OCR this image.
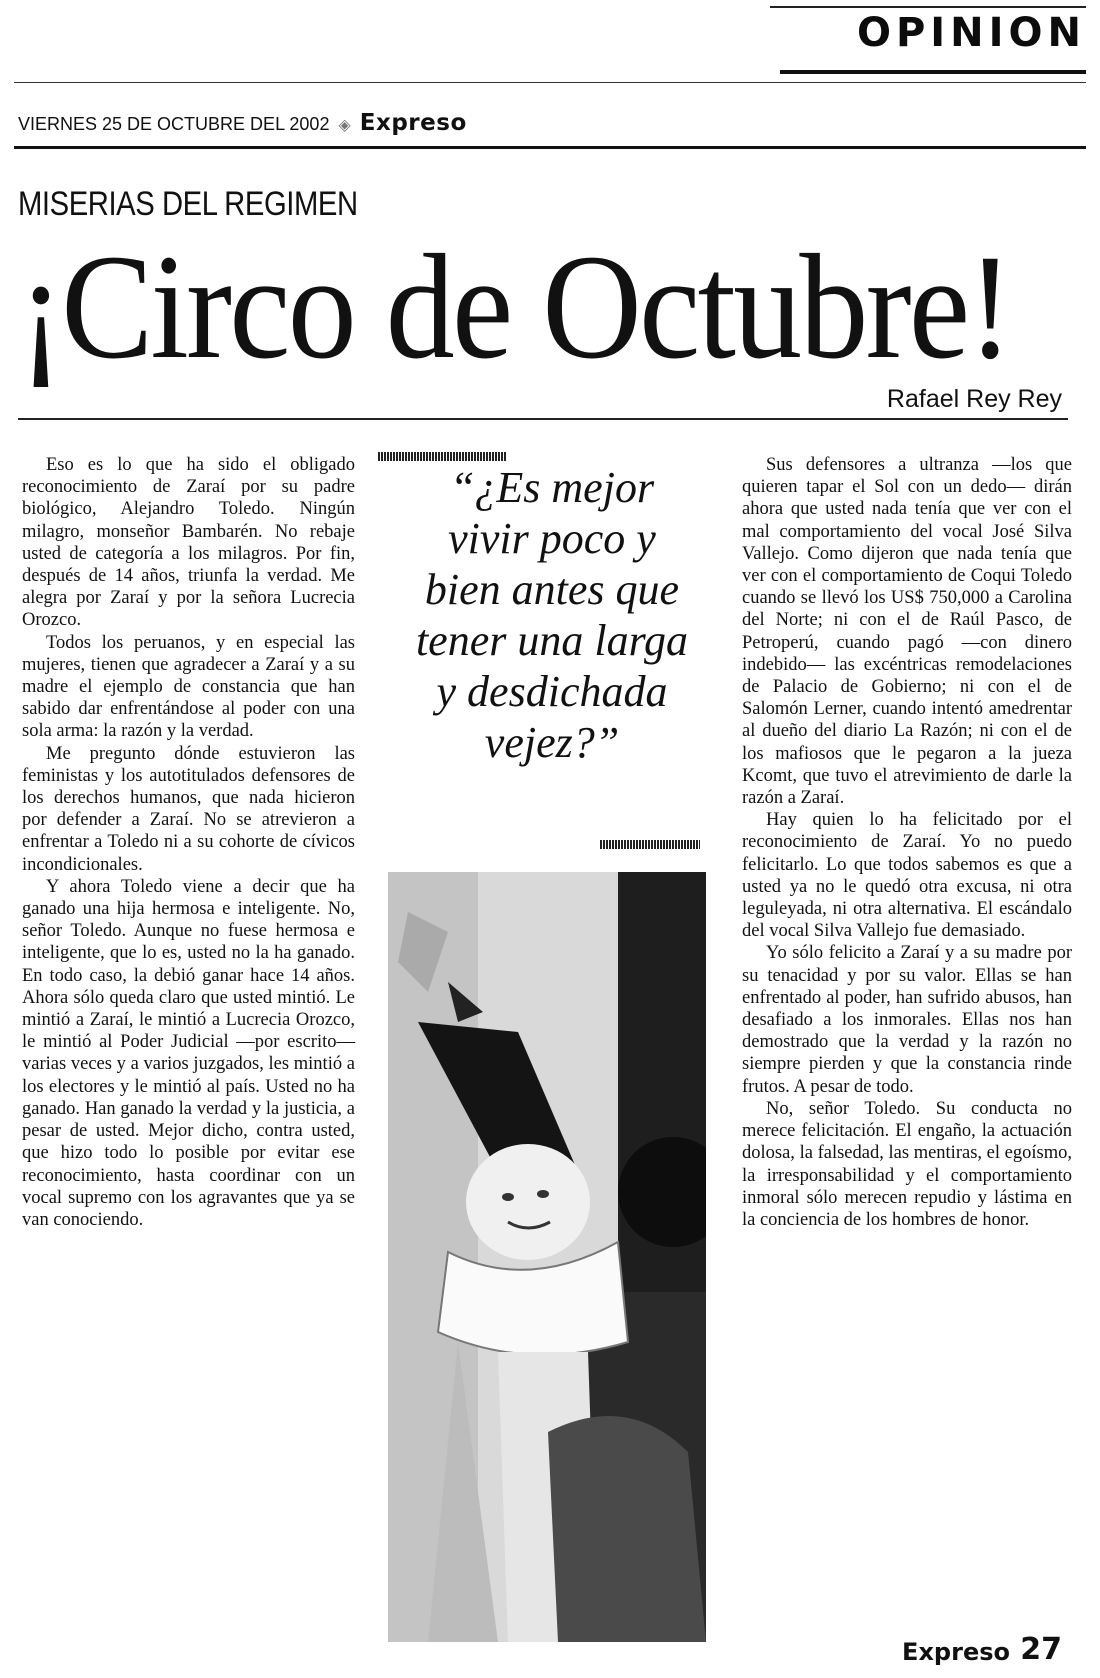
OPINION
VIERNES 25 DE OCTUBRE DEL 2002 ◈ Expreso
MISERIAS DEL REGIMEN
¡Circo de Octubre!
Rafael Rey Rey

Eso es lo que ha sido el obligado reconocimiento de Zaraí por su padre biológico, Alejandro Toledo. Ningún milagro, monseñor Bambarén. No rebaje usted de categoría a los milagros. Por fin, después de 14 años, triunfa la verdad. Me alegra por Zaraí y por la señora Lucrecia Orozco.

Todos los peruanos, y en especial las mujeres, tienen que agradecer a Zaraí y a su madre el ejemplo de constancia que han sabido dar enfrentándose al poder con una sola arma: la razón y la verdad.

Me pregunto dónde estuvieron las feministas y los autotitulados defensores de los derechos humanos, que nada hicieron por defender a Zaraí. No se atrevieron a enfrentar a Toledo ni a su cohorte de cívicos incondicionales.

Y ahora Toledo viene a decir que ha ganado una hija hermosa e inteligente. No, señor Toledo. Aunque no fuese hermosa e inteligente, que lo es, usted no la ha ganado. En todo caso, la debió ganar hace 14 años. Ahora sólo queda claro que usted mintió. Le mintió a Zaraí, le mintió a Lucrecia Orozco, le mintió al Poder Judicial —por escrito— varias veces y a varios juzgados, les mintió a los electores y le mintió al país. Usted no ha ganado. Han ganado la verdad y la justicia, a pesar de usted. Mejor dicho, contra usted, que hizo todo lo posible por evitar ese reconocimiento, hasta coordinar con un vocal supremo con los agravantes que ya se van conociendo.

“¿Es mejor vivir poco y bien antes que tener una larga y desdichada vejez?”

Sus defensores a ultranza —los que quieren tapar el Sol con un dedo— dirán ahora que usted nada tenía que ver con el mal comportamiento del vocal José Silva Vallejo. Como dijeron que nada tenía que ver con el comportamiento de Coqui Toledo cuando se llevó los US$ 750,000 a Carolina del Norte; ni con el de Raúl Pasco, de Petroperú, cuando pagó —con dinero indebido— las excéntricas remodelaciones de Palacio de Gobierno; ni con el de Salomón Lerner, cuando intentó amedrentar al dueño del diario La Razón; ni con el de los mafiosos que le pegaron a la jueza Kcomt, que tuvo el atrevimiento de darle la razón a Zaraí.

Hay quien lo ha felicitado por el reconocimiento de Zaraí. Yo no puedo felicitarlo. Lo que todos sabemos es que a usted ya no le quedó otra excusa, ni otra leguleyada, ni otra alternativa. El escándalo del vocal Silva Vallejo fue demasiado.

Yo sólo felicito a Zaraí y a su madre por su tenacidad y por su valor. Ellas se han enfrentado al poder, han sufrido abusos, han desafiado a los inmorales. Ellas nos han demostrado que la verdad y la razón no siempre pierden y que la constancia rinde frutos. A pesar de todo.

No, señor Toledo. Su conducta no merece felicitación. El engaño, la actuación dolosa, la falsedad, las mentiras, el egoísmo, la irresponsabilidad y el comportamiento inmoral sólo merecen repudio y lástima en la conciencia de los hombres de honor.

Expreso 27
